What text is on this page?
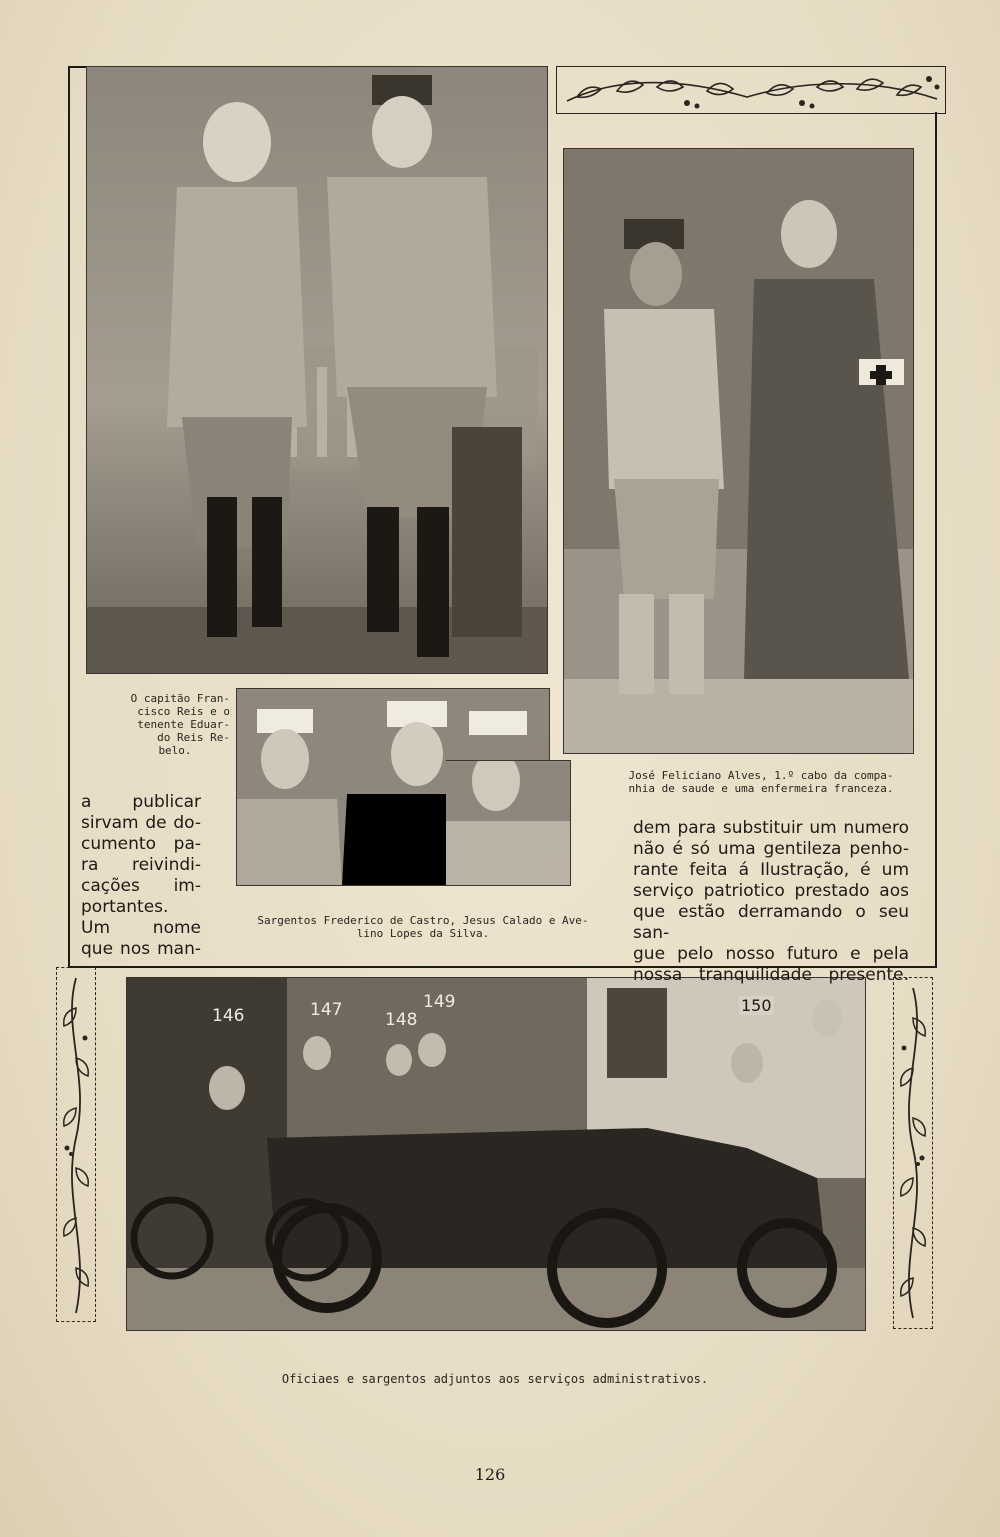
146	147	148
149	150
O capitão Fran-
cisco Reis e o
tenente Eduar-
do Reis Re-
belo.
José Feliciano Alves, 1.º cabo da compa-
nhia de saude e uma enfermeira franceza.
Sargentos Frederico de Castro, Jesus Calado e Ave-
lino Lopes da Silva.
a publicar
sirvam de do-
cumento pa-
ra reivindi-
cações im-
portantes.
Um nome
que nos man-
dem para substituir um numero
não é só uma gentileza penho-
rante feita á Ilustração, é um
serviço patriotico prestado aos
que estão derramando o seu san-
gue pelo nosso futuro e pela
nossa tranquilidade presente.
Oficiaes e sargentos adjuntos aos serviços administrativos.
126
